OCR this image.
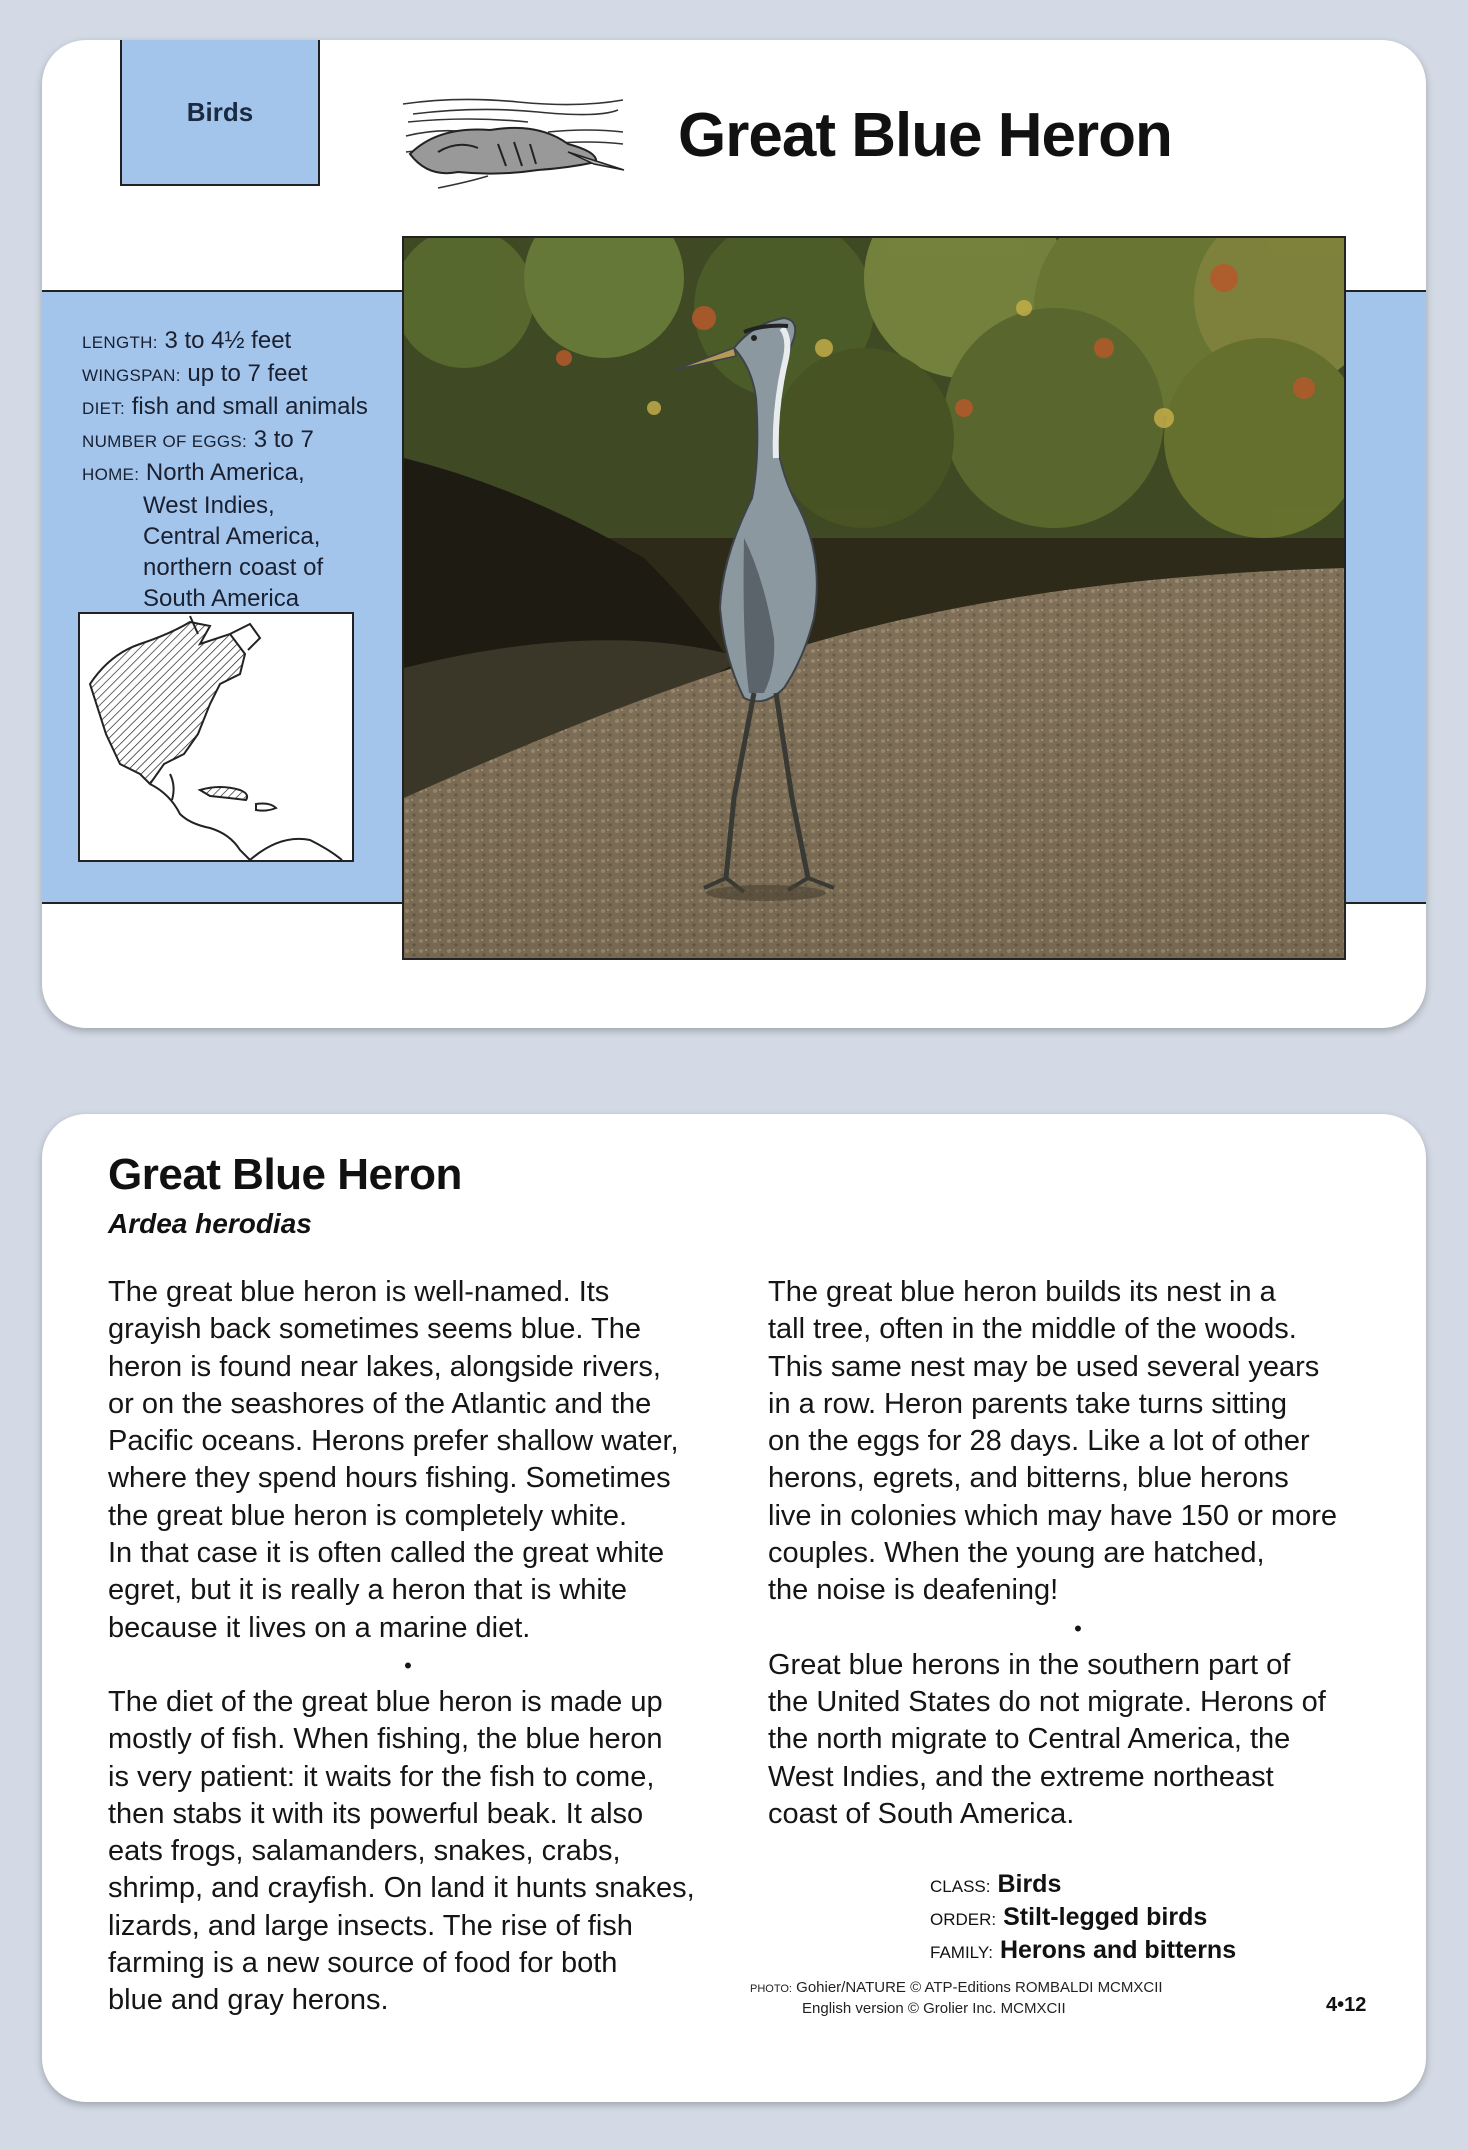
Birds	Great Blue Heron
LENGTH: 3 to 4½ feet
WINGSPAN: up to 7 feet
DIET: fish and small animals
NUMBER OF EGGS: 3 to 7
HOME: North America,
West Indies,
Central America,
northern coast of
South America
Great Blue Heron
Ardea herodias

The great blue heron is well-named. Its
grayish back sometimes seems blue. The
heron is found near lakes, alongside rivers,
or on the seashores of the Atlantic and the
Pacific oceans. Herons prefer shallow water,
where they spend hours fishing. Sometimes
the great blue heron is completely white.
In that case it is often called the great white
egret, but it is really a heron that is white
because it lives on a marine diet.

•

The diet of the great blue heron is made up
mostly of fish. When fishing, the blue heron
is very patient: it waits for the fish to come,
then stabs it with its powerful beak. It also
eats frogs, salamanders, snakes, crabs,
shrimp, and crayfish. On land it hunts snakes,
lizards, and large insects. The rise of fish
farming is a new source of food for both
blue and gray herons.

The great blue heron builds its nest in a
tall tree, often in the middle of the woods.
This same nest may be used several years
in a row. Heron parents take turns sitting
on the eggs for 28 days. Like a lot of other
herons, egrets, and bitterns, blue herons
live in colonies which may have 150 or more
couples. When the young are hatched,
the noise is deafening!

•

Great blue herons in the southern part of
the United States do not migrate. Herons of
the north migrate to Central America, the
West Indies, and the extreme northeast
coast of South America.

CLASS: Birds
ORDER: Stilt-legged birds
FAMILY: Herons and bitterns
PHOTO: Gohier/NATURE © ATP-Editions ROMBALDI MCMXCII
English version © Grolier Inc. MCMXCII	4•12
